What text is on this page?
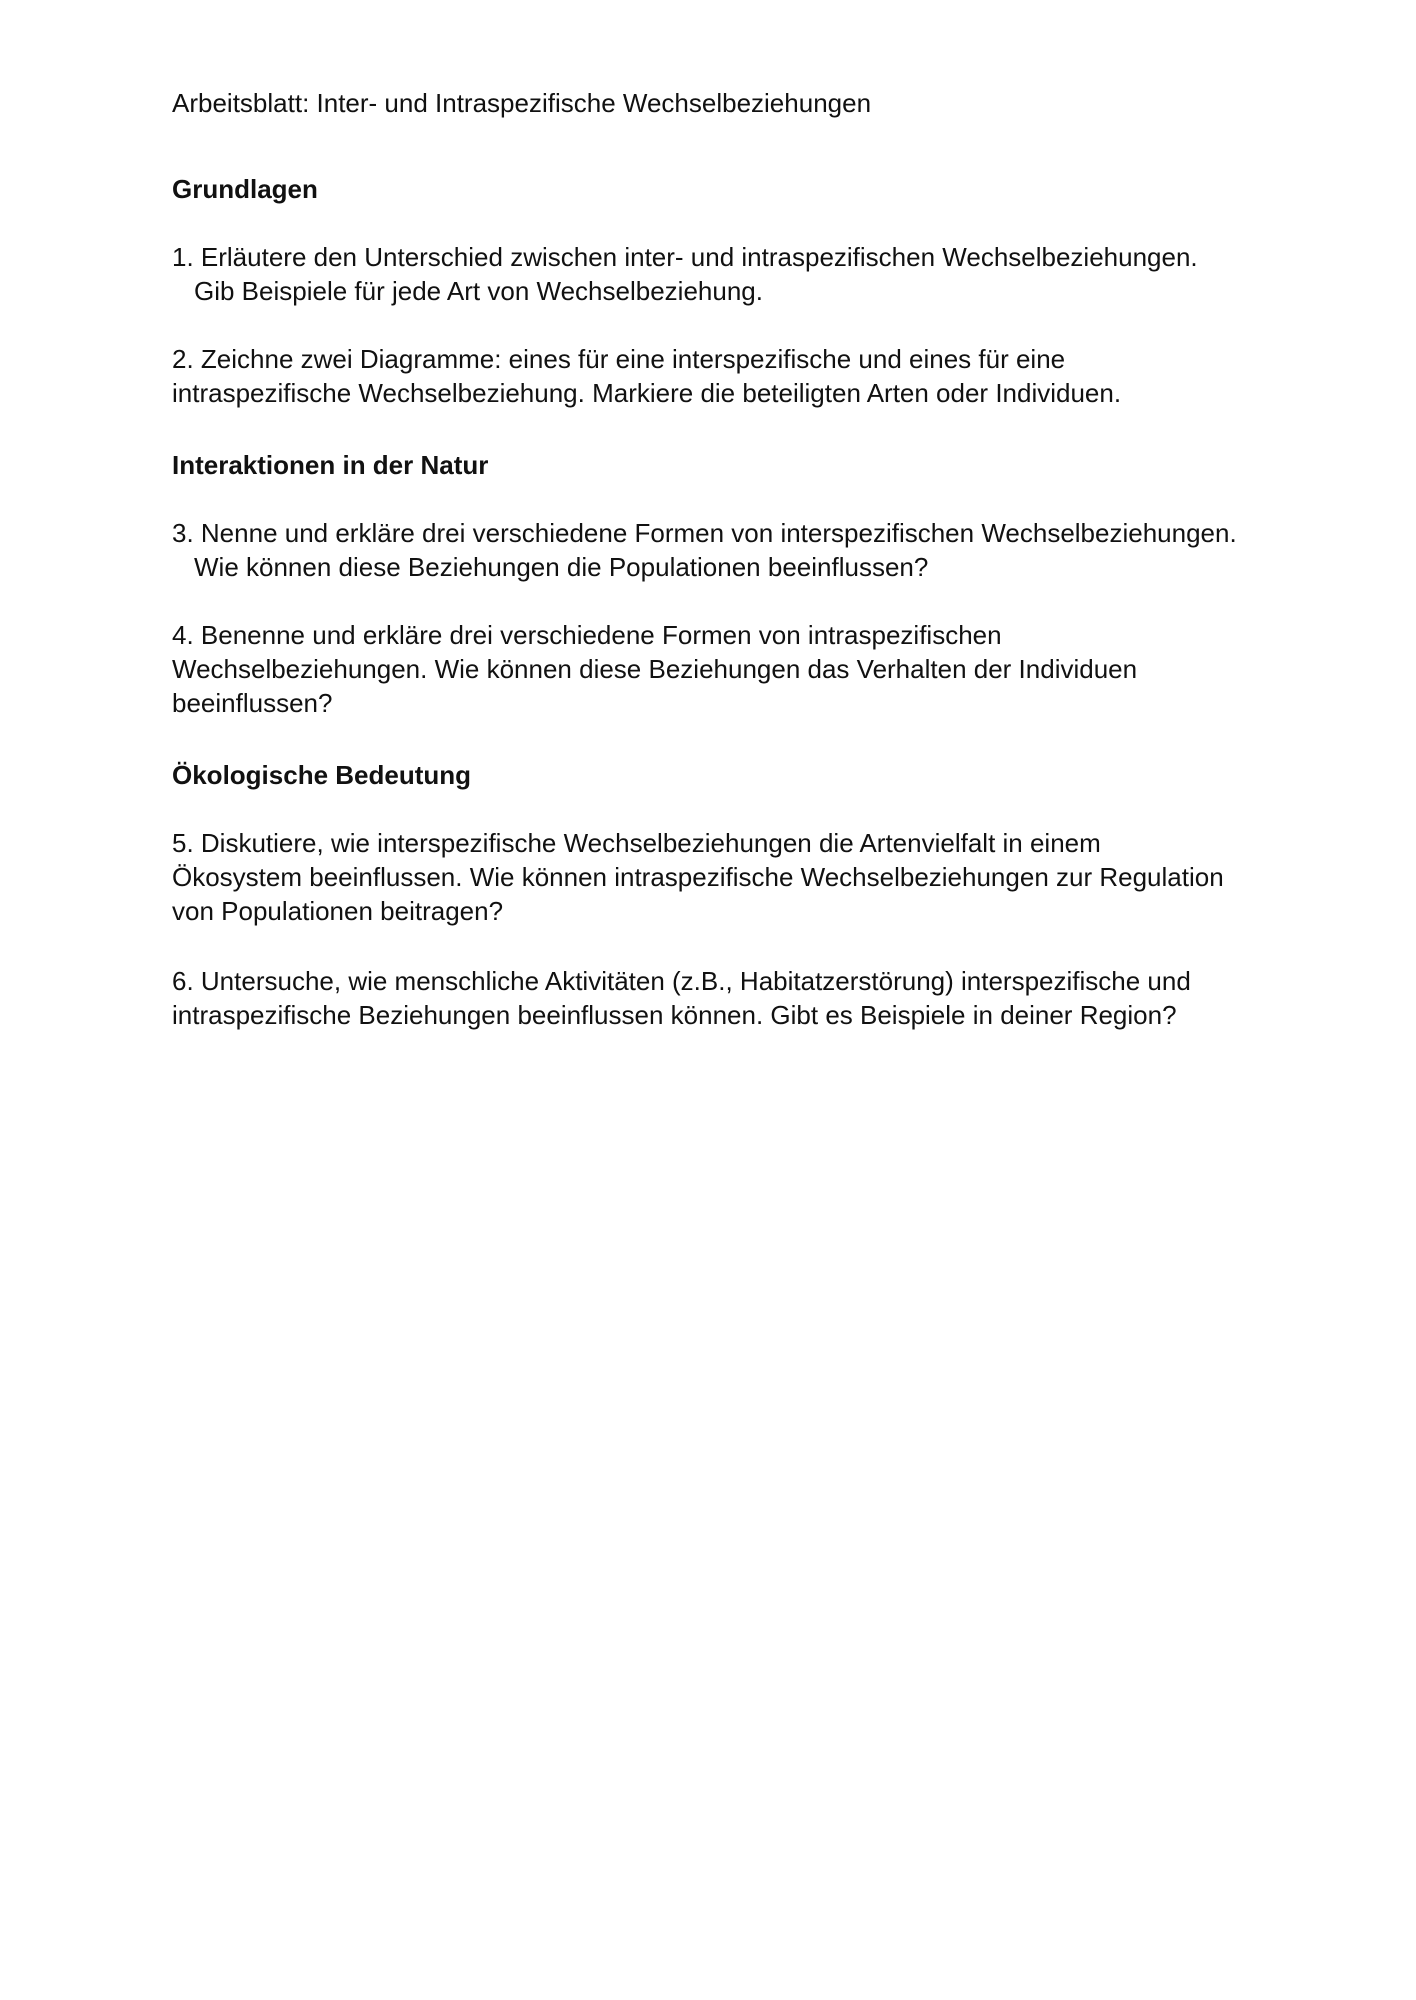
Arbeitsblatt: Inter- und Intraspezifische Wechselbeziehungen
Grundlagen

1. Erläutere den Unterschied zwischen inter- und intraspezifischen Wechselbeziehungen.
Gib Beispiele für jede Art von Wechselbeziehung.

2. Zeichne zwei Diagramme: eines für eine interspezifische und eines für eine
intraspezifische Wechselbeziehung. Markiere die beteiligten Arten oder Individuen.

Interaktionen in der Natur

3. Nenne und erkläre drei verschiedene Formen von interspezifischen Wechselbeziehungen.
Wie können diese Beziehungen die Populationen beeinflussen?

4. Benenne und erkläre drei verschiedene Formen von intraspezifischen
Wechselbeziehungen. Wie können diese Beziehungen das Verhalten der Individuen
beeinflussen?

Ökologische Bedeutung

5. Diskutiere, wie interspezifische Wechselbeziehungen die Artenvielfalt in einem
Ökosystem beeinflussen. Wie können intraspezifische Wechselbeziehungen zur Regulation
von Populationen beitragen?

6. Untersuche, wie menschliche Aktivitäten (z.B., Habitatzerstörung) interspezifische und
intraspezifische Beziehungen beeinflussen können. Gibt es Beispiele in deiner Region?
